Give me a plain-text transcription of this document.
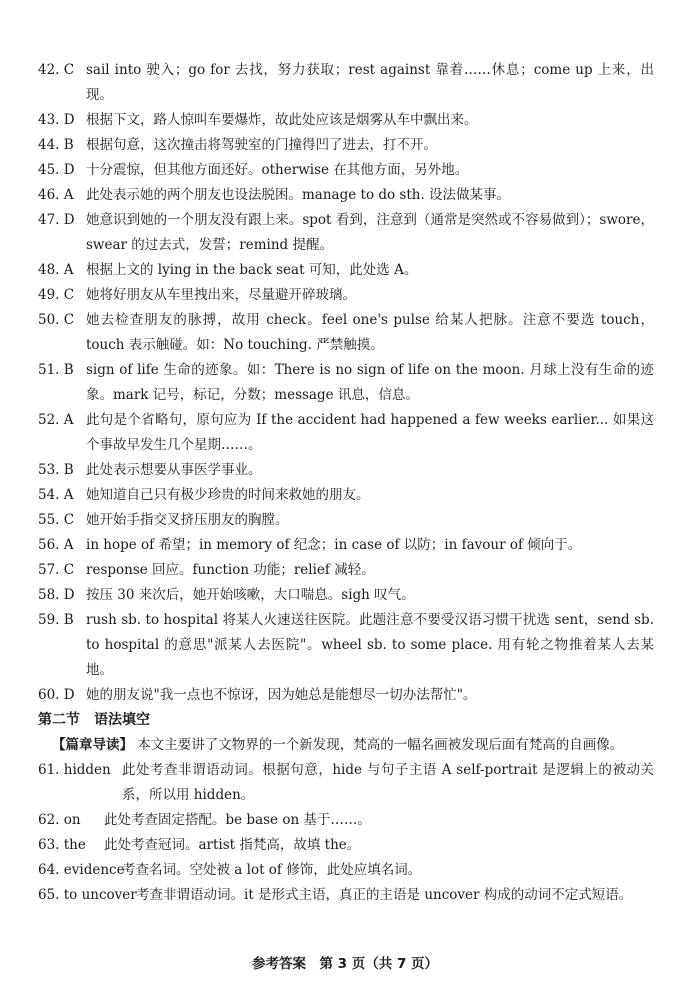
42. C sail into 驶入；go for 去找，努力获取；rest against 靠着……休息；come up 上来，出现。
43. D 根据下文，路人惊叫车要爆炸，故此处应该是烟雾从车中飘出来。
44. B 根据句意，这次撞击将驾驶室的门撞得凹了进去，打不开。
45. D 十分震惊，但其他方面还好。otherwise 在其他方面，另外地。
46. A 此处表示她的两个朋友也设法脱困。manage to do sth. 设法做某事。
47. D 她意识到她的一个朋友没有跟上来。spot 看到，注意到（通常是突然或不容易做到）；swore，swear 的过去式，发誓；remind 提醒。
48. A 根据上文的 lying in the back seat 可知，此处选 A。
49. C 她将好朋友从车里拽出来，尽量避开碎玻璃。
50. C 她去检查朋友的脉搏，故用 check。feel one's pulse 给某人把脉。注意不要选 touch，touch 表示触碰。如：No touching. 严禁触摸。
51. B sign of life 生命的迹象。如：There is no sign of life on the moon. 月球上没有生命的迹象。mark 记号，标记，分数；message 讯息，信息。
52. A 此句是个省略句，原句应为 If the accident had happened a few weeks earlier... 如果这个事故早发生几个星期……。
53. B 此处表示想要从事医学事业。
54. A 她知道自己只有极少珍贵的时间来救她的朋友。
55. C 她开始手指交叉挤压朋友的胸膛。
56. A in hope of 希望；in memory of 纪念；in case of 以防；in favour of 倾向于。
57. C response 回应。function 功能；relief 减轻。
58. D 按压 30 来次后，她开始咳嗽，大口喘息。sigh 叹气。
59. B rush sb. to hospital 将某人火速送往医院。此题注意不要受汉语习惯干扰选 sent，send sb. to hospital 的意思"派某人去医院"。wheel sb. to some place. 用有轮之物推着某人去某地。
60. D 她的朋友说"我一点也不惊讶，因为她总是能想尽一切办法帮忙"。
第二节　语法填空
【篇章导读】 本文主要讲了文物界的一个新发现，梵高的一幅名画被发现后面有梵高的自画像。
61. hidden 此处考查非谓语动词。根据句意，hide 与句子主语 A self-portrait 是逻辑上的被动关系，所以用 hidden。
62. on	此处考查固定搭配。be base on 基于……。
63. the	此处考查冠词。artist 指梵高，故填 the。
64. evidence
考查名词。空处被 a lot of 修饰，此处应填名词。
65. to uncover 考查非谓语动词。it 是形式主语，真正的主语是 uncover 构成的动词不定式短语。
参考答案　第 3 页（共 7 页）
